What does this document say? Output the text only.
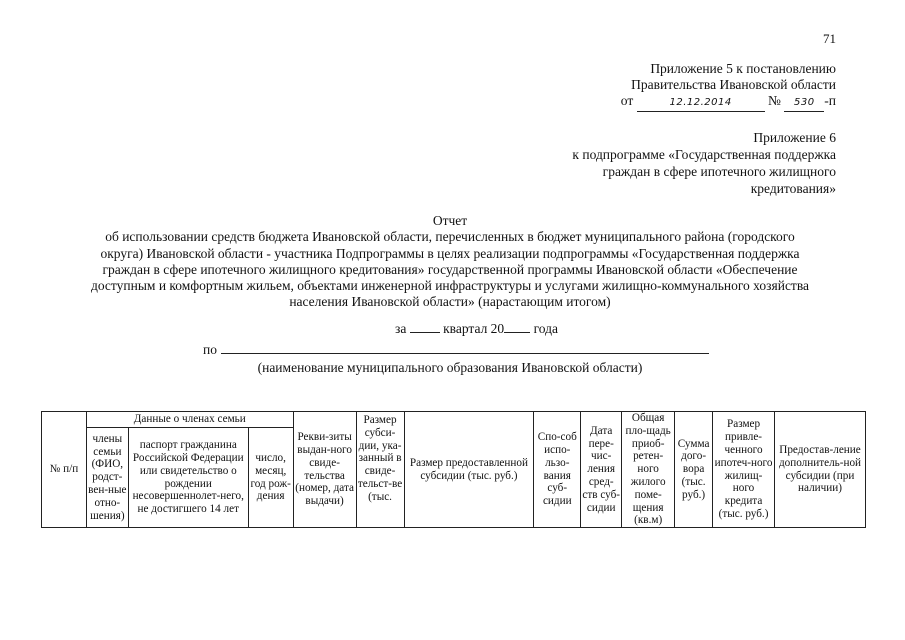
71
Приложение 5 к постановлению
Правительства Ивановской области
от	12.12.2014	№ 530 -п
Приложение 6
к подпрограмме «Государственная поддержка
граждан в сфере ипотечного жилищного
кредитования»
Отчет
об использовании средств бюджета Ивановской области, перечисленных в бюджет муниципального района (городского
округа) Ивановской области - участника Подпрограммы в целях реализации подпрограммы «Государственная поддержка
граждан в сфере ипотечного жилищного кредитования» государственной программы Ивановской области «Обеспечение
доступным и комфортным жильем, объектами инженерной инфраструктуры и услугами жилищно-коммунального хозяйства
населения Ивановской области» (нарастающим итогом)
за	квартал 20 года
по
(наименование муниципального образования Ивановской области)
№ п/п	Данные о членах семьи			Рекви-зиты выдан-ного свиде-тельства (номер, дата выдачи)	Размер субси-дии, ука-занный в свиде-тельст-ве (тыс.	Размер предоставленной субсидии (тыс. руб.)	Спо-соб испо-льзо-вания суб-сидии	Дата пере-чис-ления сред-ств суб-сидии	Общая пло-щадь приоб-ретен-ного жилого поме-щения (кв.м)	Сумма дого-вора (тыс. руб.)	Размер привле-ченного ипотеч-ного жилищ-ного кредита (тыс. руб.)	Предостав-ление дополнитель-ной субсидии (при наличии)
	члены семьи (ФИО, родст-вен-ные отно-шения)	паспорт гражданина Российской Федерации или свидетельство о рождении несовершеннолет-него, не достигшего 14 лет	число, месяц, год рож-дения									
